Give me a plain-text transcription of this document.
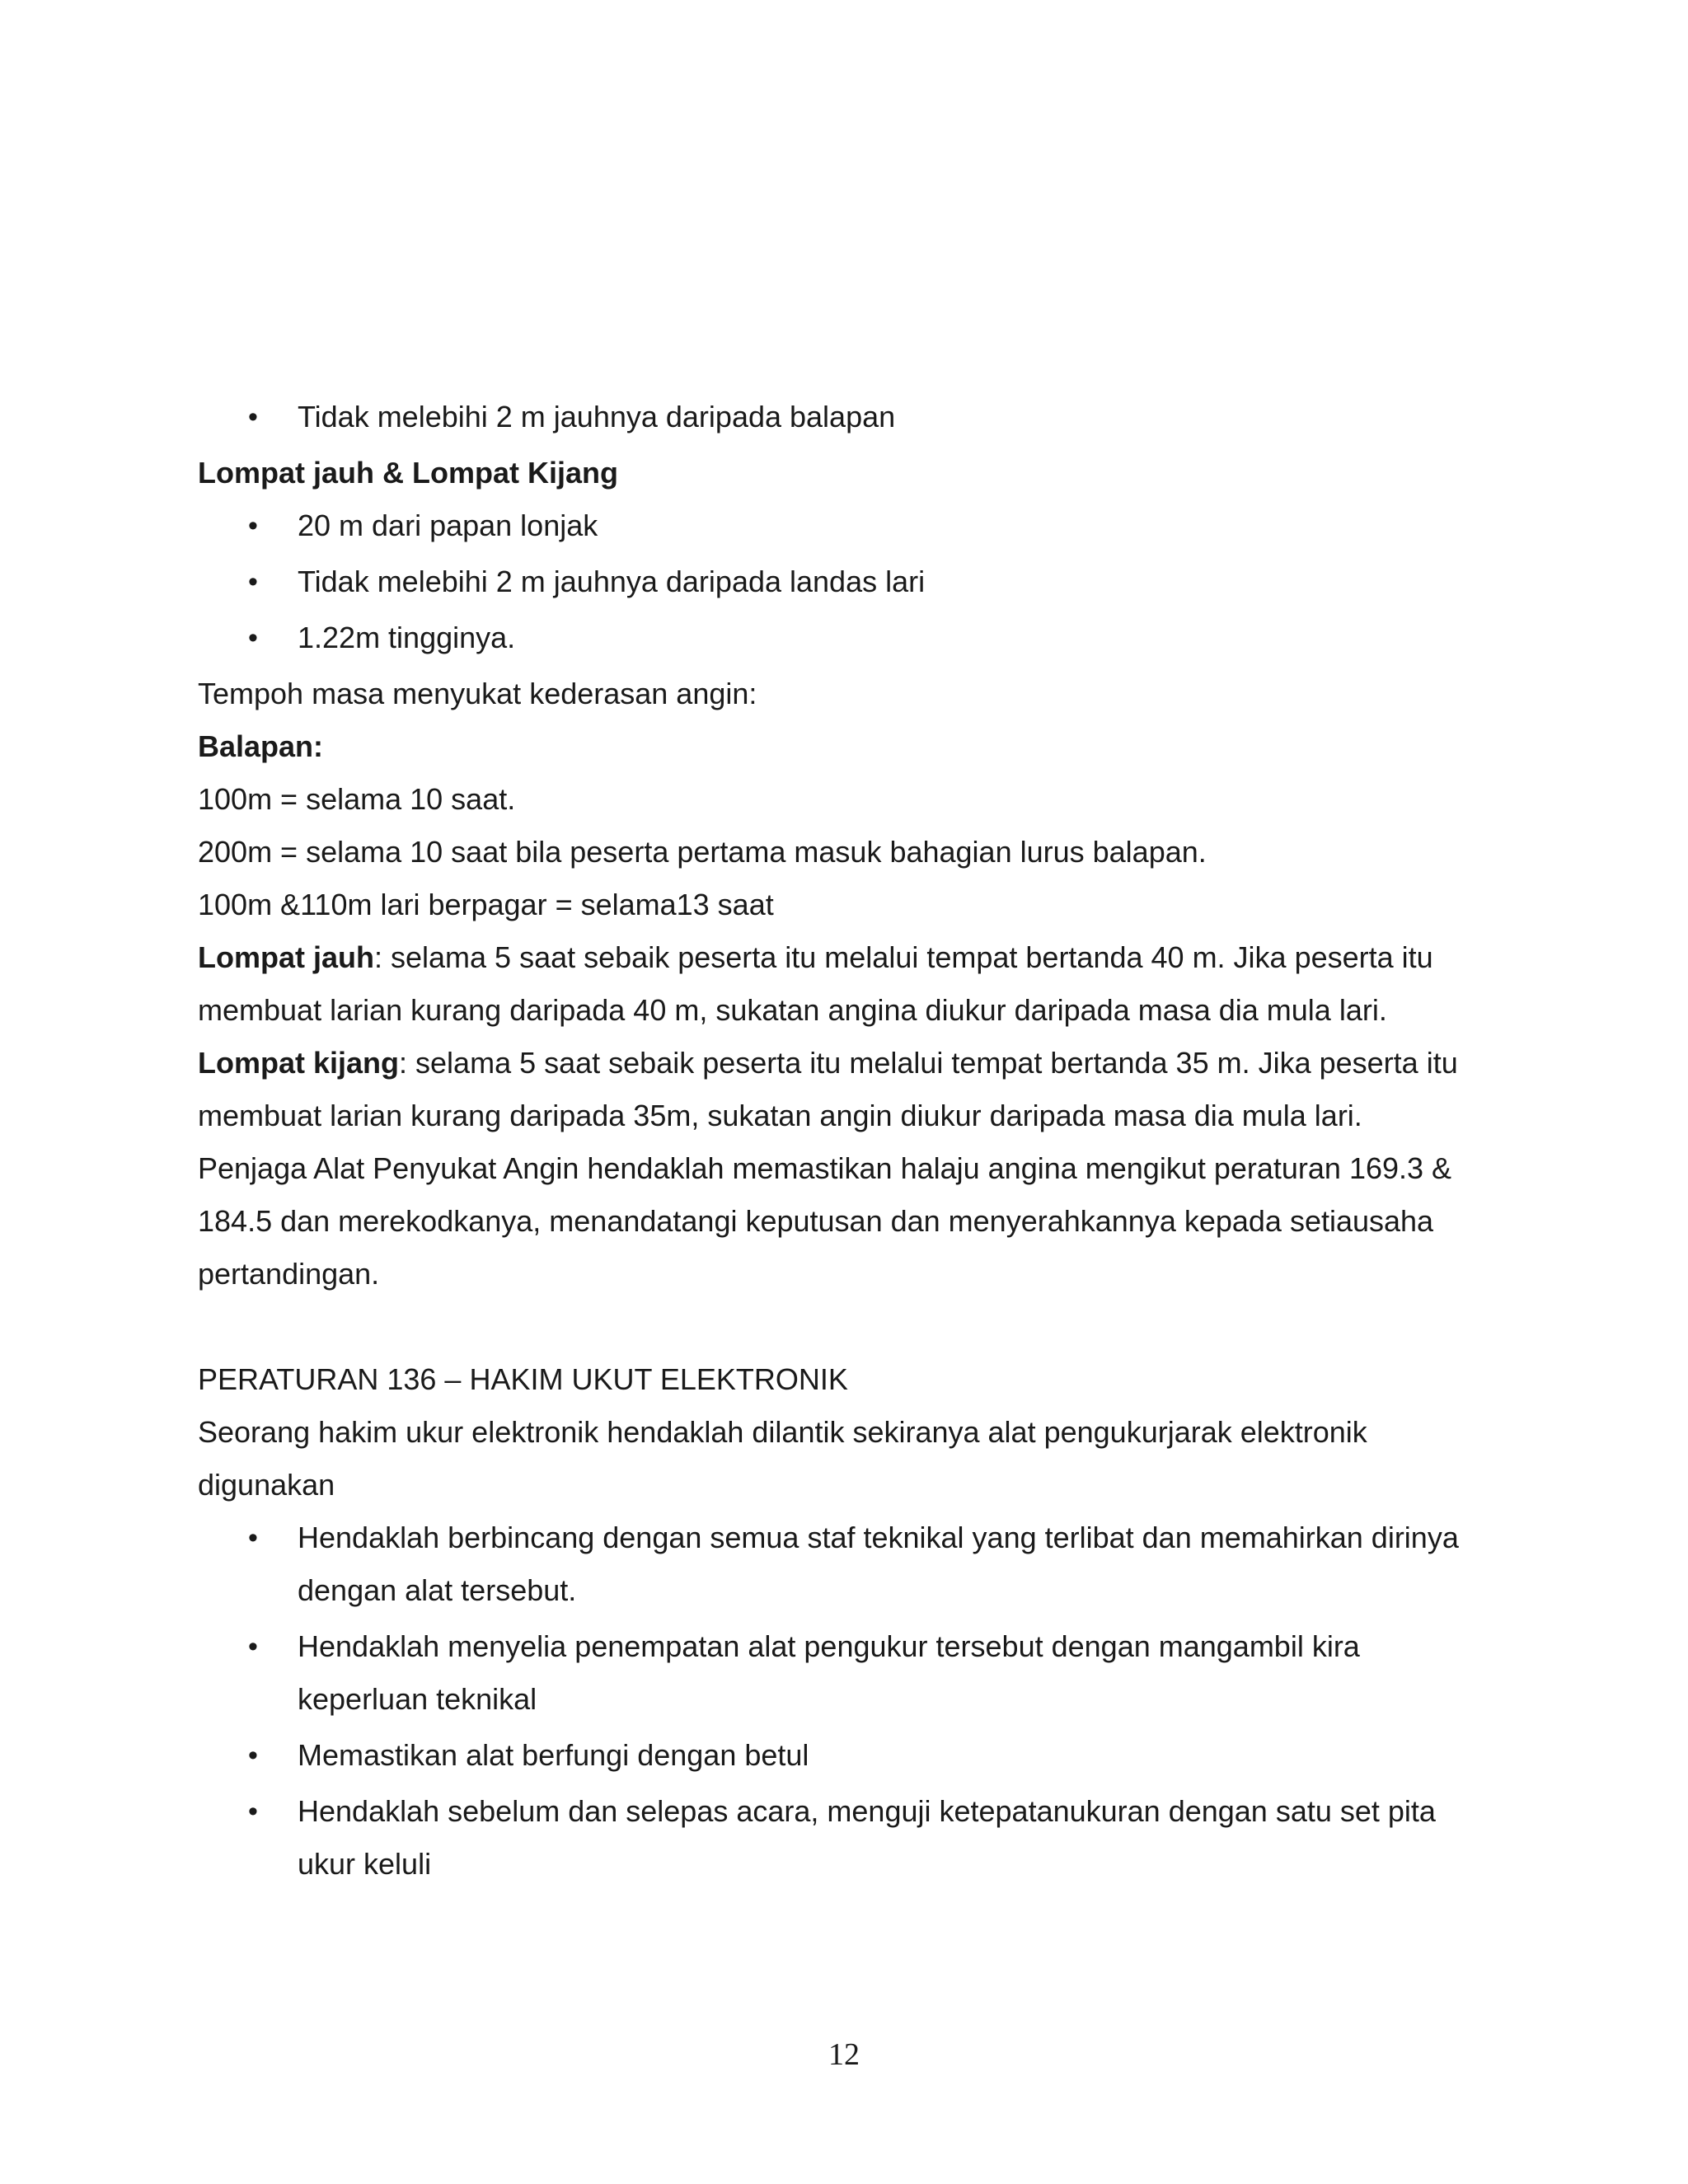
• Tidak melebihi 2 m jauhnya daripada balapan

Lompat jauh & Lompat Kijang

• 20 m dari papan lonjak
• Tidak melebihi 2 m jauhnya daripada landas lari
• 1.22m tingginya.

Tempoh masa menyukat kederasan angin:

Balapan:

100m = selama 10 saat.

200m = selama 10 saat bila peserta pertama masuk bahagian lurus balapan.

100m &110m lari berpagar = selama13 saat

Lompat jauh: selama 5 saat sebaik peserta itu melalui tempat bertanda 40 m. Jika peserta itu

membuat larian kurang daripada 40 m, sukatan angina diukur daripada masa dia mula lari.

Lompat kijang: selama 5 saat sebaik peserta itu melalui tempat bertanda 35 m. Jika peserta itu

membuat larian kurang daripada 35m, sukatan angin diukur daripada masa dia mula lari.

Penjaga Alat Penyukat Angin hendaklah memastikan halaju angina mengikut peraturan 169.3 &

184.5 dan merekodkanya, menandatangi keputusan dan menyerahkannya kepada setiausaha

pertandingan.

PERATURAN 136 – HAKIM UKUT ELEKTRONIK

Seorang hakim ukur elektronik hendaklah dilantik sekiranya alat pengukurjarak elektronik

digunakan

• Hendaklah berbincang dengan semua staf teknikal yang terlibat dan memahirkan dirinya
dengan alat tersebut.
• Hendaklah menyelia penempatan alat pengukur tersebut dengan mangambil kira
keperluan teknikal
• Memastikan alat berfungi dengan betul
• Hendaklah sebelum dan selepas acara, menguji ketepatanukuran dengan satu set pita
ukur keluli
12
